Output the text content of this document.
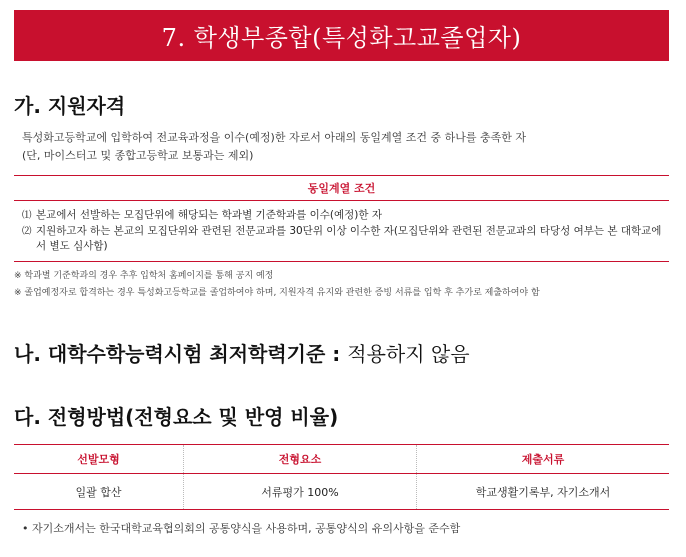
7. 학생부종합(특성화고교졸업자)
가. 지원자격
특성화고등학교에 입학하여 전교육과정을 이수(예정)한 자로서 아래의 동일계열 조건 중 하나를 충족한 자
(단, 마이스터고 및 종합고등학교 보통과는 제외)
동일계열 조건
⑴ 본교에서 선발하는 모집단위에 해당되는 학과별 기준학과를 이수(예정)한 자
⑵ 지원하고자 하는 본교의 모집단위와 관련된 전문교과를 30단위 이상 이수한 자(모집단위와 관련된 전문교과의 타당성 여부는 본 대학교에서 별도 심사함)
※ 학과별 기준학과의 경우 추후 입학처 홈페이지를 통해 공지 예정
※ 졸업예정자로 합격하는 경우 특성화고등학교를 졸업하여야 하며, 지원자격 유지와 관련한 증빙 서류를 입학 후 추가로 제출하여야 함
나. 대학수학능력시험 최저학력기준 : 적용하지 않음
다. 전형방법(전형요소 및 반영 비율)
선발모형	전형요소	제출서류
일괄 합산	서류평가 100%	학교생활기록부, 자기소개서
• 자기소개서는 한국대학교육협의회의 공통양식을 사용하며, 공통양식의 유의사항을 준수함
